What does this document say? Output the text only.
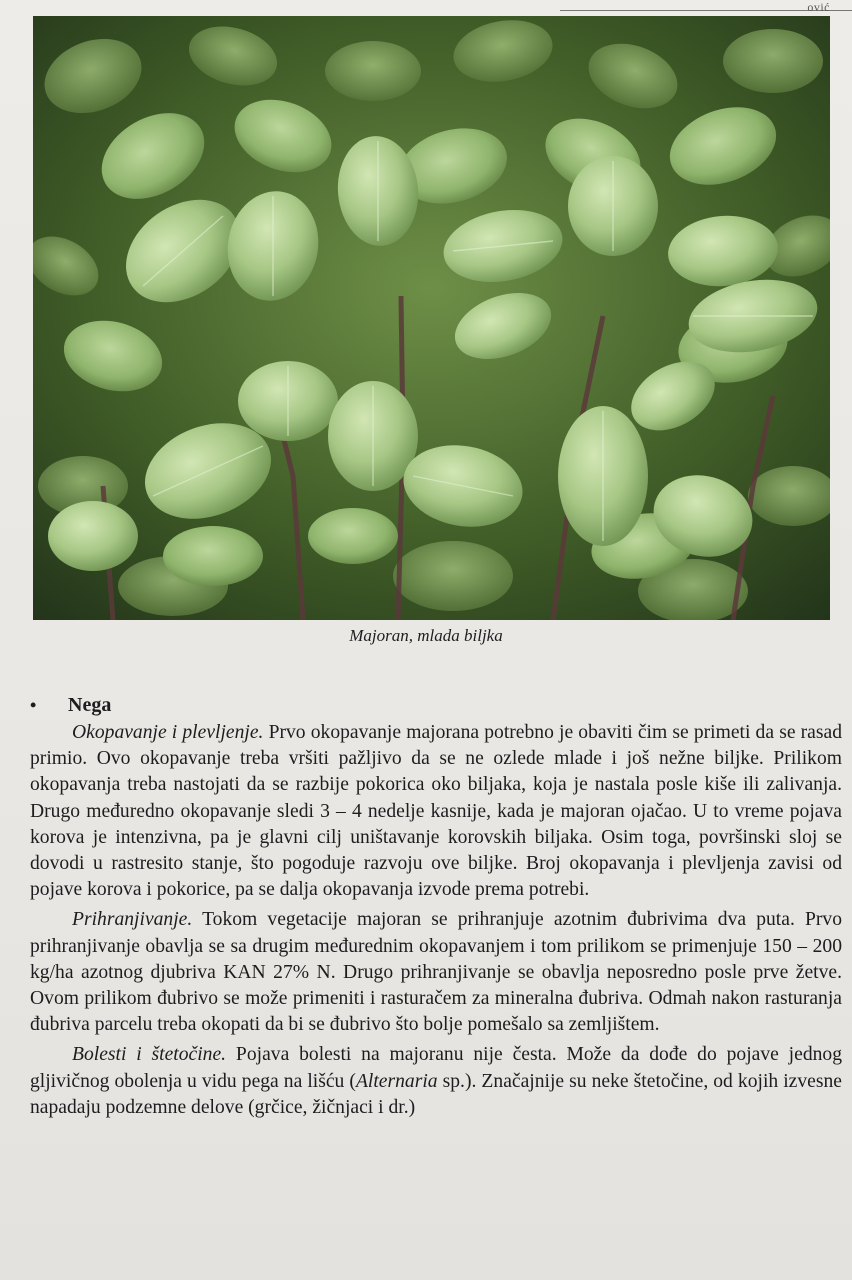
ović
Majoran, mlada biljka
• Nega

Okopavanje i plevljenje. Prvo okopavanje majorana potrebno je obaviti čim se primeti da se rasad primio. Ovo okopavanje treba vršiti pažljivo da se ne ozlede mlade i još nežne biljke. Prilikom okopavanja treba nastojati da se razbije pokorica oko biljaka, koja je nastala posle kiše ili zalivanja. Drugo međuredno okopavanje sledi 3 – 4 nedelje kasnije, kada je majoran ojačao. U to vreme pojava korova je intenzivna, pa je glavni cilj uništavanje korovskih biljaka. Osim toga, površinski sloj se dovodi u rastresito stanje, što pogoduje razvoju ove biljke. Broj okopavanja i plevljenja zavisi od pojave korova i pokorice, pa se dalja okopavanja izvode prema potrebi.

Prihranjivanje. Tokom vegetacije majoran se prihranjuje azotnim đubrivima dva puta. Prvo prihranjivanje obavlja se sa drugim međurednim okopavanjem i tom prilikom se primenjuje 150 – 200 kg/ha azotnog djubriva KAN 27% N. Drugo prihranjivanje se obavlja neposredno posle prve žetve. Ovom prilikom đubrivo se može primeniti i rasturačem za mineralna đubriva. Odmah nakon rasturanja đubriva parcelu treba okopati da bi se đubrivo što bolje pomešalo sa zemljištem.

Bolesti i štetočine. Pojava bolesti na majoranu nije česta. Može da dođe do pojave jednog gljivičnog obolenja u vidu pega na lišću (Alternaria sp.). Značajnije su neke štetočine, od kojih izvesne napadaju podzemne delove (grčice, žičnjaci i dr.)
